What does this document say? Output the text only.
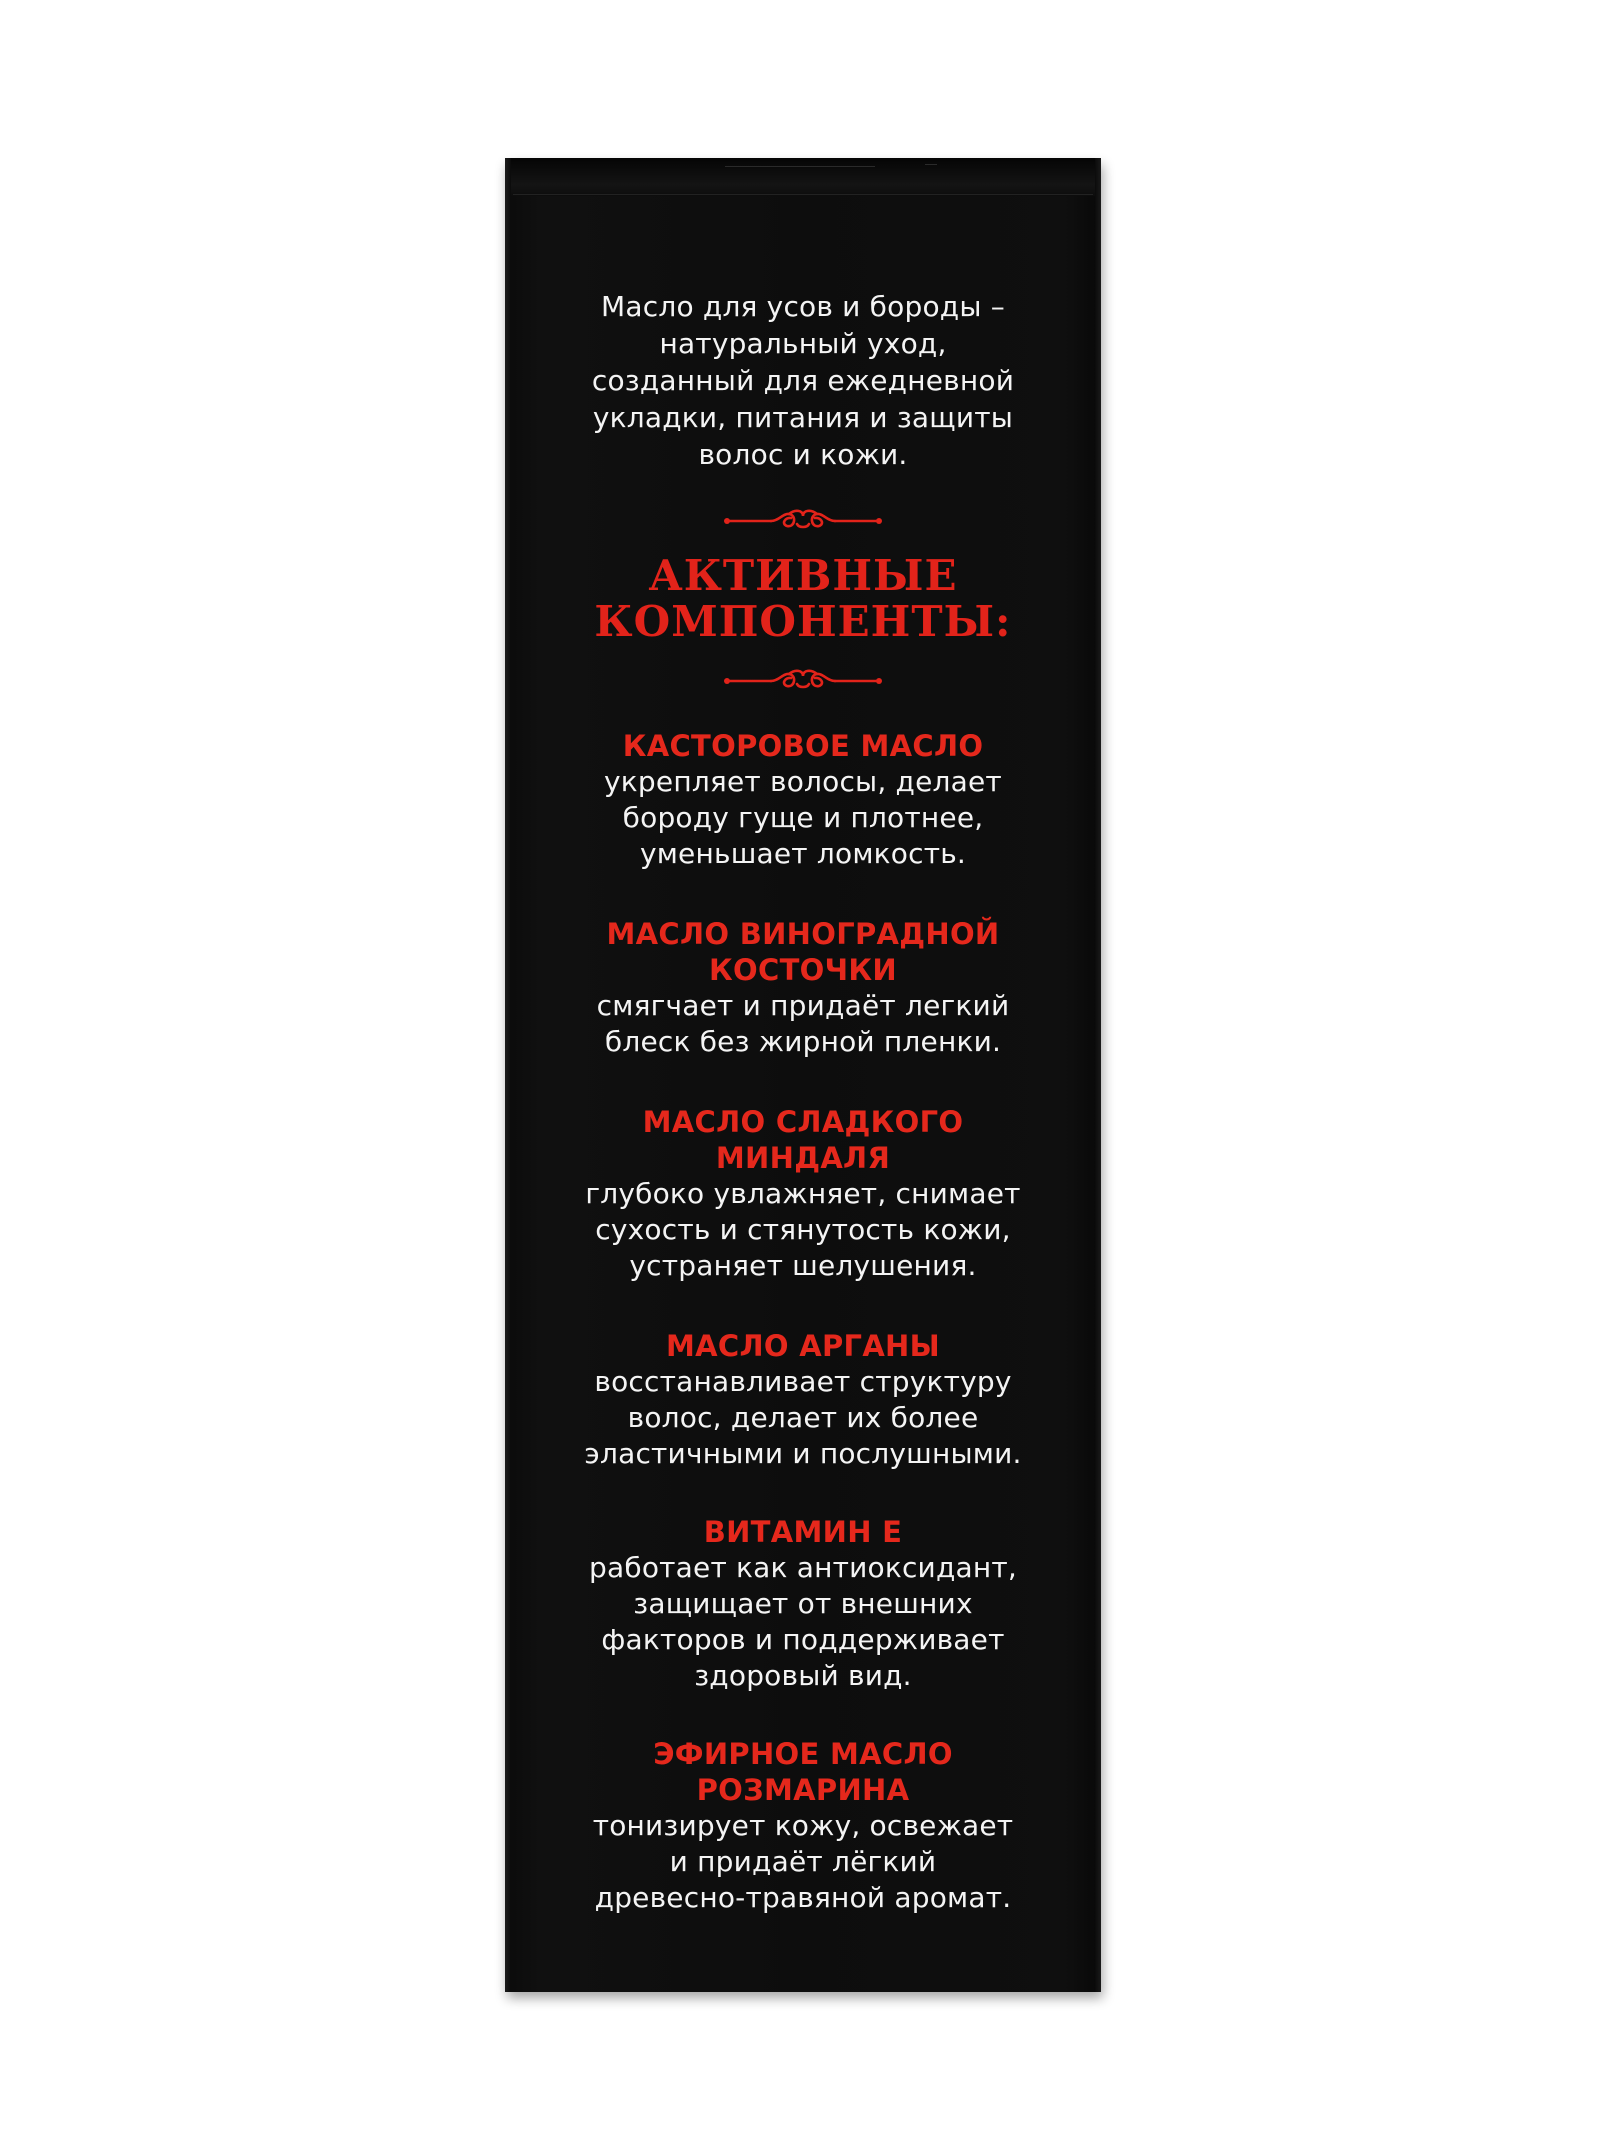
Масло для усов и бороды –
натуральный уход,
созданный для ежедневной
укладки, питания и защиты
волос и кожи.
АКТИВНЫЕ
КОМПОНЕНТЫ:
КАСТОРОВОЕ МАСЛО
укрепляет волосы, делает
бороду гуще и плотнее,
уменьшает ломкость.
МАСЛО ВИНОГРАДНОЙ
КОСТОЧКИ
смягчает и придаёт легкий
блеск без жирной пленки.
МАСЛО СЛАДКОГО
МИНДАЛЯ
глубоко увлажняет, снимает
сухость и стянутость кожи,
устраняет шелушения.
МАСЛО АРГАНЫ
восстанавливает структуру
волос, делает их более
эластичными и послушными.
ВИТАМИН Е
работает как антиоксидант,
защищает от внешних
факторов и поддерживает
здоровый вид.
ЭФИРНОЕ МАСЛО
РОЗМАРИНА
тонизирует кожу, освежает
и придаёт лёгкий
древесно-травяной аромат.
